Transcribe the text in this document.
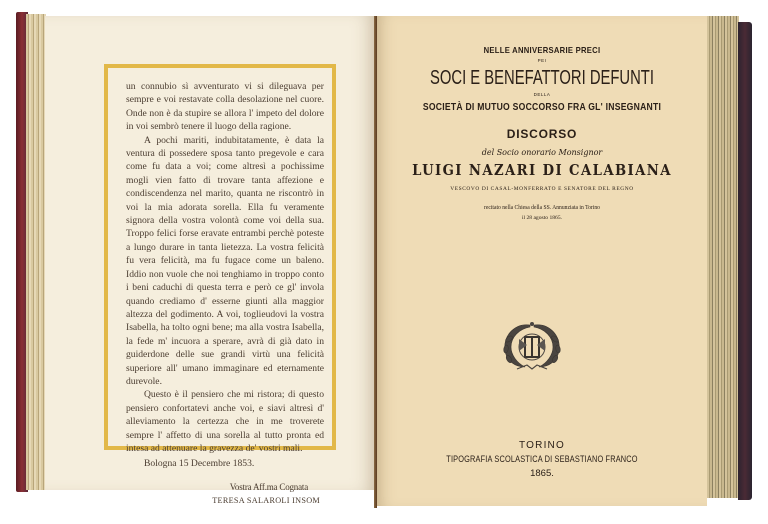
un connubio sì avventurato vi si dileguava per sempre e voi restavate colla desolazione nel cuore. Onde non è da stupire se allora l' impeto del dolore in voi sembrò tenere il luogo della ragione.

A pochi mariti, indubitatamente, è data la ventura di possedere sposa tanto pregevole e cara come fu data a voi; come altresì a pochissime mogli vien fatto di trovare tanta affezione e condiscendenza nel marito, quanta ne riscontrò in voi la mia adorata sorella. Ella fu veramente signora della vostra volontà come voi della sua. Troppo felici forse eravate entrambi perchè poteste a lungo durare in tanta lietezza. La vostra felicità fu vera felicità, ma fu fugace come un baleno. Iddio non vuole che noi tenghiamo in troppo conto i beni caduchi di questa terra e però ce gl' invola quando crediamo d' esserne giunti alla maggior altezza del godimento. A voi, toglieudovi la vostra Isabella, ha tolto ogni bene; ma alla vostra Isabella, la fede m' incuora a sperare, avrà di già dato in guiderdone delle sue grandi virtù una felicità superiore all' umano immaginare ed eternamente durevole.

Questo è il pensiero che mi ristora; di questo pensiero confortatevi anche voi, e siavi altresì d' alleviamento la certezza che in me troverete sempre l' affetto di una sorella al tutto pronta ed intesa ad attenuare la gravezza de' vostri mali.

Bologna 15 Decembre 1853.

Vostra Aff.ma Cognata

TERESA SALAROLI INSOM

NELLE ANNIVERSARIE PRECI
PEI
SOCI E BENEFATTORI DEFUNTI
DELLA
SOCIETÀ DI MUTUO SOCCORSO FRA GL' INSEGNANTI
DISCORSO
del Socio onorario Monsignor
LUIGI NAZARI DI CALABIANA
VESCOVO DI CASAL-MONFERRATO E SENATORE DEL REGNO
recitato nella Chiesa della SS. Annunziata in Torino
il 28 agosto 1865.
TORINO
TIPOGRAFIA SCOLASTICA DI SEBASTIANO FRANCO
1865.
